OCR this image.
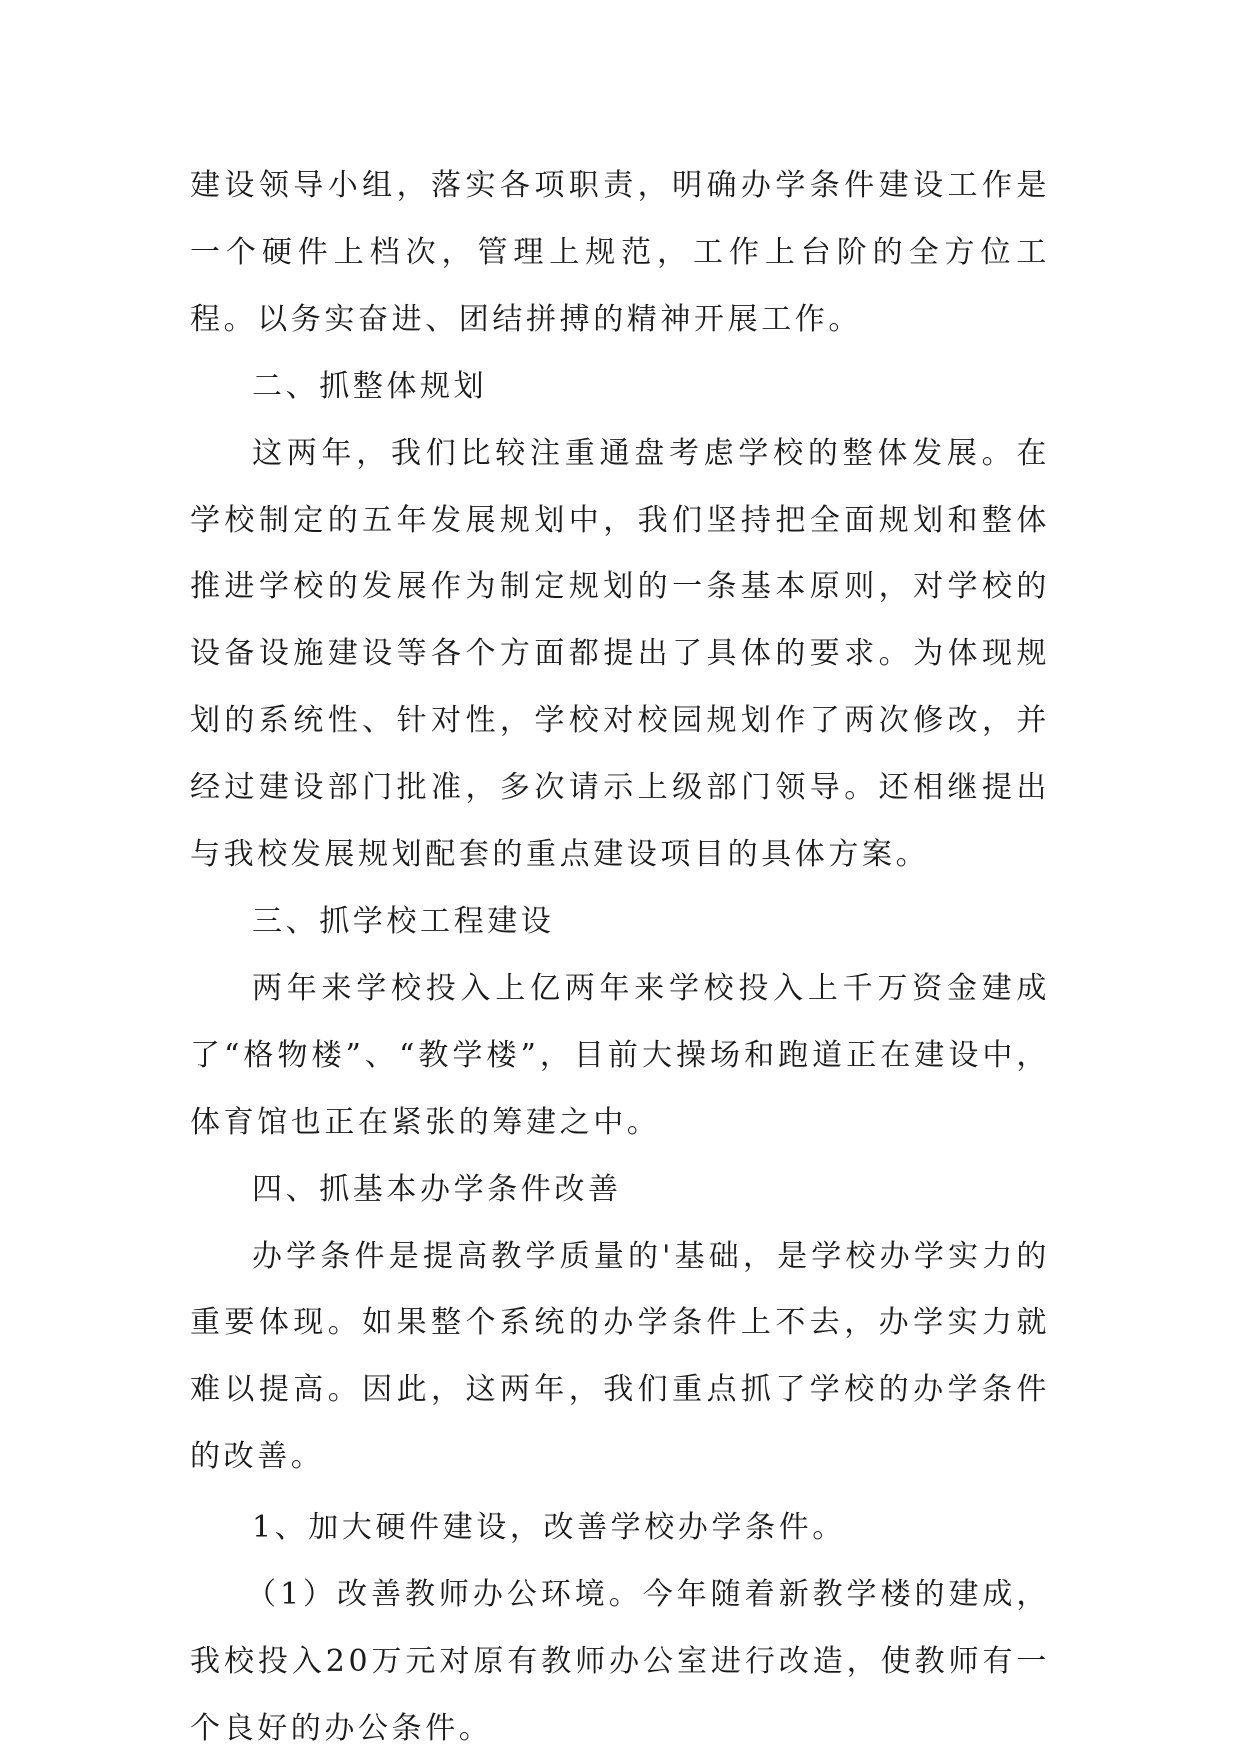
建设领导小组，落实各项职责，明确办学条件建设工作是一个硬件上档次，管理上规范，工作上台阶的全方位工程。以务实奋进、团结拼搏的精神开展工作。

二、抓整体规划

这两年，我们比较注重通盘考虑学校的整体发展。在学校制定的五年发展规划中，我们坚持把全面规划和整体推进学校的发展作为制定规划的一条基本原则，对学校的设备设施建设等各个方面都提出了具体的要求。为体现规划的系统性、针对性，学校对校园规划作了两次修改，并经过建设部门批准，多次请示上级部门领导。还相继提出与我校发展规划配套的重点建设项目的具体方案。

三、抓学校工程建设

两年来学校投入上亿两年来学校投入上千万资金建成了“格物楼”、“教学楼”，目前大操场和跑道正在建设中，体育馆也正在紧张的筹建之中。

四、抓基本办学条件改善

办学条件是提高教学质量的'基础，是学校办学实力的重要体现。如果整个系统的办学条件上不去，办学实力就难以提高。因此，这两年，我们重点抓了学校的办学条件的改善。

1、加大硬件建设，改善学校办学条件。

（1）改善教师办公环境。今年随着新教学楼的建成，我校投入20万元对原有教师办公室进行改造，使教师有一个良好的办公条件。
